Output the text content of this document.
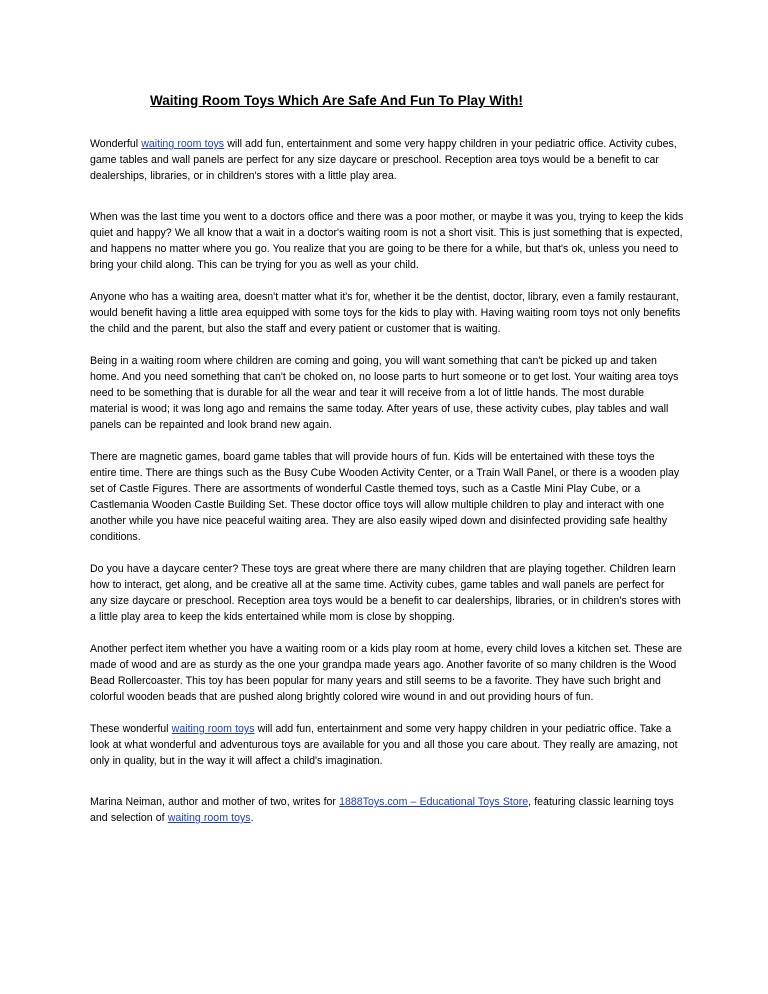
Waiting Room Toys Which Are Safe And Fun To Play With!

Wonderful waiting room toys will add fun, entertainment and some very happy children in your pediatric office. Activity cubes, game tables and wall panels are perfect for any size daycare or preschool. Reception area toys would be a benefit to car dealerships, libraries, or in children's stores with a little play area.

When was the last time you went to a doctors office and there was a poor mother, or maybe it was you, trying to keep the kids quiet and happy? We all know that a wait in a doctor's waiting room is not a short visit. This is just something that is expected, and happens no matter where you go. You realize that you are going to be there for a while, but that's ok, unless you need to bring your child along. This can be trying for you as well as your child.

Anyone who has a waiting area, doesn't matter what it's for, whether it be the dentist, doctor, library, even a family restaurant, would benefit having a little area equipped with some toys for the kids to play with. Having waiting room toys not only benefits the child and the parent, but also the staff and every patient or customer that is waiting.

Being in a waiting room where children are coming and going, you will want something that can't be picked up and taken home. And you need something that can't be choked on, no loose parts to hurt someone or to get lost. Your waiting area toys need to be something that is durable for all the wear and tear it will receive from a lot of little hands. The most durable material is wood; it was long ago and remains the same today. After years of use, these activity cubes, play tables and wall panels can be repainted and look brand new again.

There are magnetic games, board game tables that will provide hours of fun. Kids will be entertained with these toys the entire time. There are things such as the Busy Cube Wooden Activity Center, or a Train Wall Panel, or there is a wooden play set of Castle Figures. There are assortments of wonderful Castle themed toys, such as a Castle Mini Play Cube, or a Castlemania Wooden Castle Building Set. These doctor office toys will allow multiple children to play and interact with one another while you have nice peaceful waiting area. They are also easily wiped down and disinfected providing safe healthy conditions.

Do you have a daycare center? These toys are great where there are many children that are playing together. Children learn how to interact, get along, and be creative all at the same time. Activity cubes, game tables and wall panels are perfect for any size daycare or preschool. Reception area toys would be a benefit to car dealerships, libraries, or in children's stores with a little play area to keep the kids entertained while mom is close by shopping.

Another perfect item whether you have a waiting room or a kids play room at home, every child loves a kitchen set. These are made of wood and are as sturdy as the one your grandpa made years ago. Another favorite of so many children is the Wood Bead Rollercoaster. This toy has been popular for many years and still seems to be a favorite. They have such bright and colorful wooden beads that are pushed along brightly colored wire wound in and out providing hours of fun.

These wonderful waiting room toys will add fun, entertainment and some very happy children in your pediatric office. Take a look at what wonderful and adventurous toys are available for you and all those you care about. They really are amazing, not only in quality, but in the way it will affect a child's imagination.

Marina Neiman, author and mother of two, writes for 1888Toys.com – Educational Toys Store, featuring classic learning toys and selection of waiting room toys.
